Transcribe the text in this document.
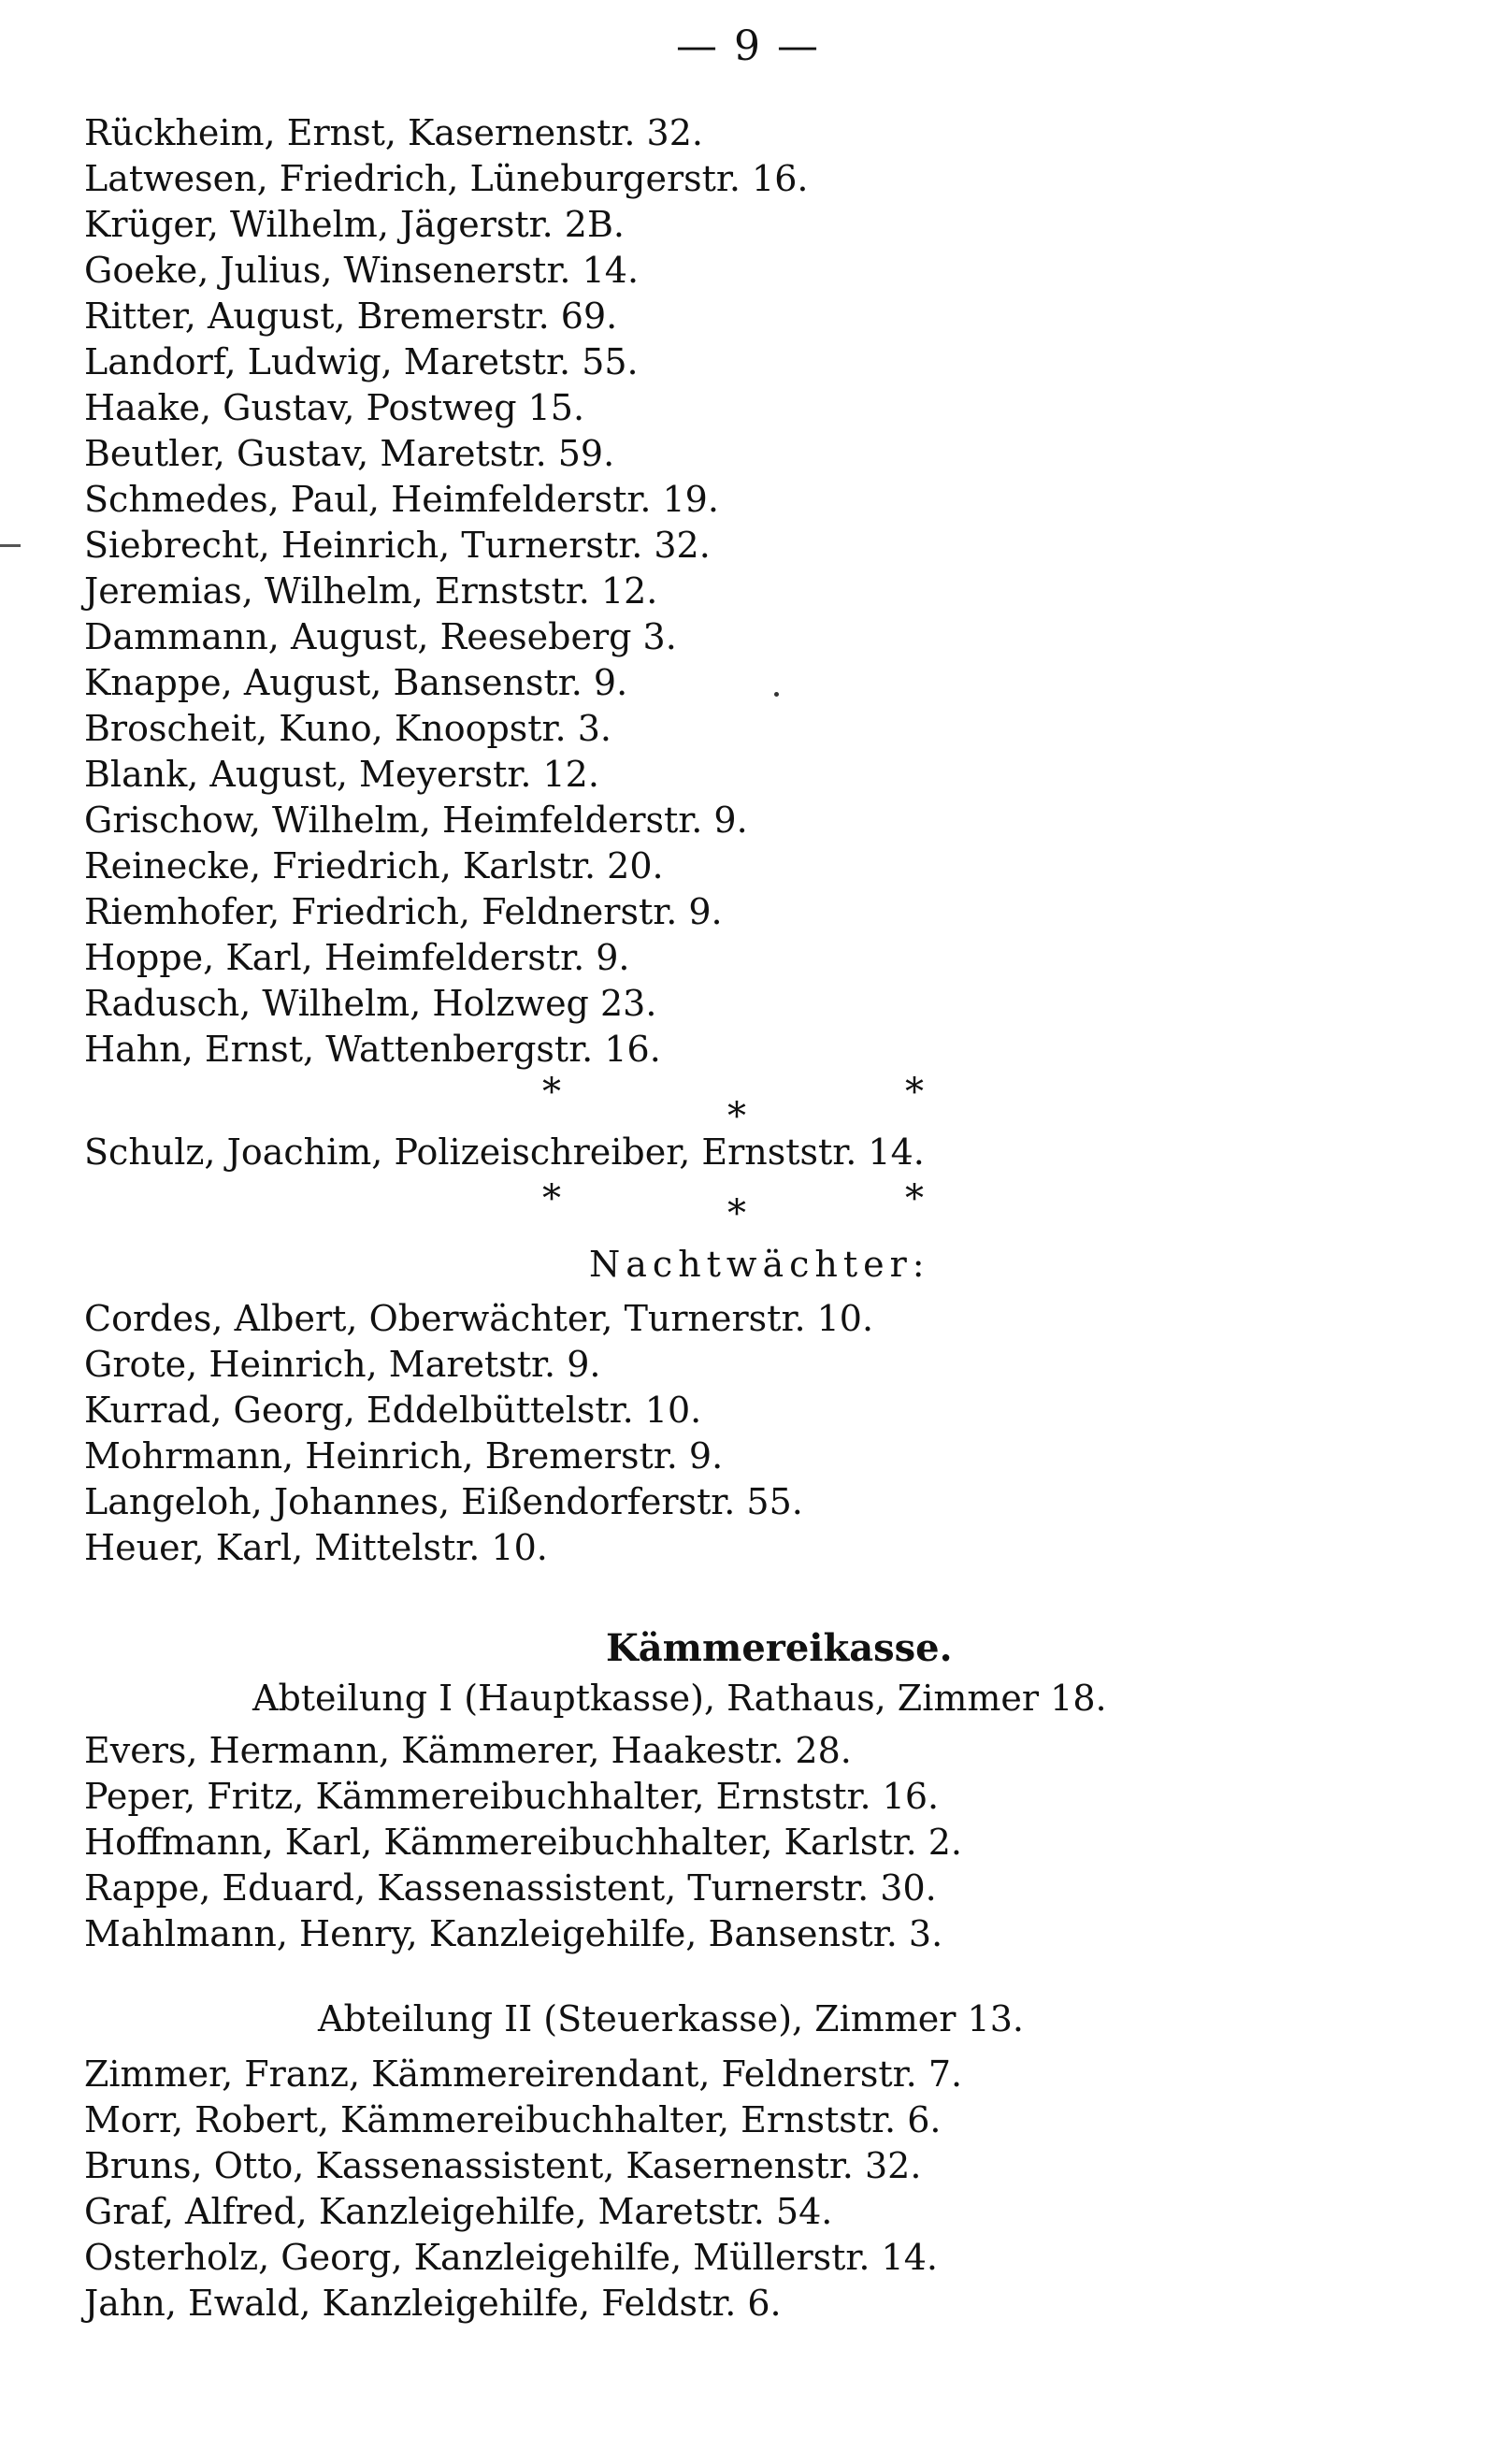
— 9 —
Rückheim, Ernst, Kasernenstr. 32.
Latwesen, Friedrich, Lüneburgerstr. 16.
Krüger, Wilhelm, Jägerstr. 2B.
Goeke, Julius, Winsenerstr. 14.
Ritter, August, Bremerstr. 69.
Landorf, Ludwig, Maretstr. 55.
Haake, Gustav, Postweg 15.
Beutler, Gustav, Maretstr. 59.
Schmedes, Paul, Heimfelderstr. 19.
Siebrecht, Heinrich, Turnerstr. 32.
Jeremias, Wilhelm, Ernststr. 12.
Dammann, August, Reeseberg 3.
Knappe, August, Bansenstr. 9.
Broscheit, Kuno, Knoopstr. 3.
Blank, August, Meyerstr. 12.
Grischow, Wilhelm, Heimfelderstr. 9.
Reinecke, Friedrich, Karlstr. 20.
Riemhofer, Friedrich, Feldnerstr. 9.
Hoppe, Karl, Heimfelderstr. 9.
Radusch, Wilhelm, Holzweg 23.
Hahn, Ernst, Wattenbergstr. 16.
*
*
*
Schulz, Joachim, Polizeischreiber, Ernststr. 14.
*	*	*
Nachtwächter:
Cordes, Albert, Oberwächter, Turnerstr. 10.
Grote, Heinrich, Maretstr. 9.
Kurrad, Georg, Eddelbüttelstr. 10.
Mohrmann, Heinrich, Bremerstr. 9.
Langeloh, Johannes, Eißendorferstr. 55.
Heuer, Karl, Mittelstr. 10.
Kämmereikasse.
Abteilung I (Hauptkasse), Rathaus, Zimmer 18.
Evers, Hermann, Kämmerer, Haakestr. 28.
Peper, Fritz, Kämmereibuchhalter, Ernststr. 16.
Hoffmann, Karl, Kämmereibuchhalter, Karlstr. 2.
Rappe, Eduard, Kassenassistent, Turnerstr. 30.
Mahlmann, Henry, Kanzleigehilfe, Bansenstr. 3.
Abteilung II (Steuerkasse), Zimmer 13.
Zimmer, Franz, Kämmereirendant, Feldnerstr. 7.
Morr, Robert, Kämmereibuchhalter, Ernststr. 6.
Bruns, Otto, Kassenassistent, Kasernenstr. 32.
Graf, Alfred, Kanzleigehilfe, Maretstr. 54.
Osterholz, Georg, Kanzleigehilfe, Müllerstr. 14.
Jahn, Ewald, Kanzleigehilfe, Feldstr. 6.
